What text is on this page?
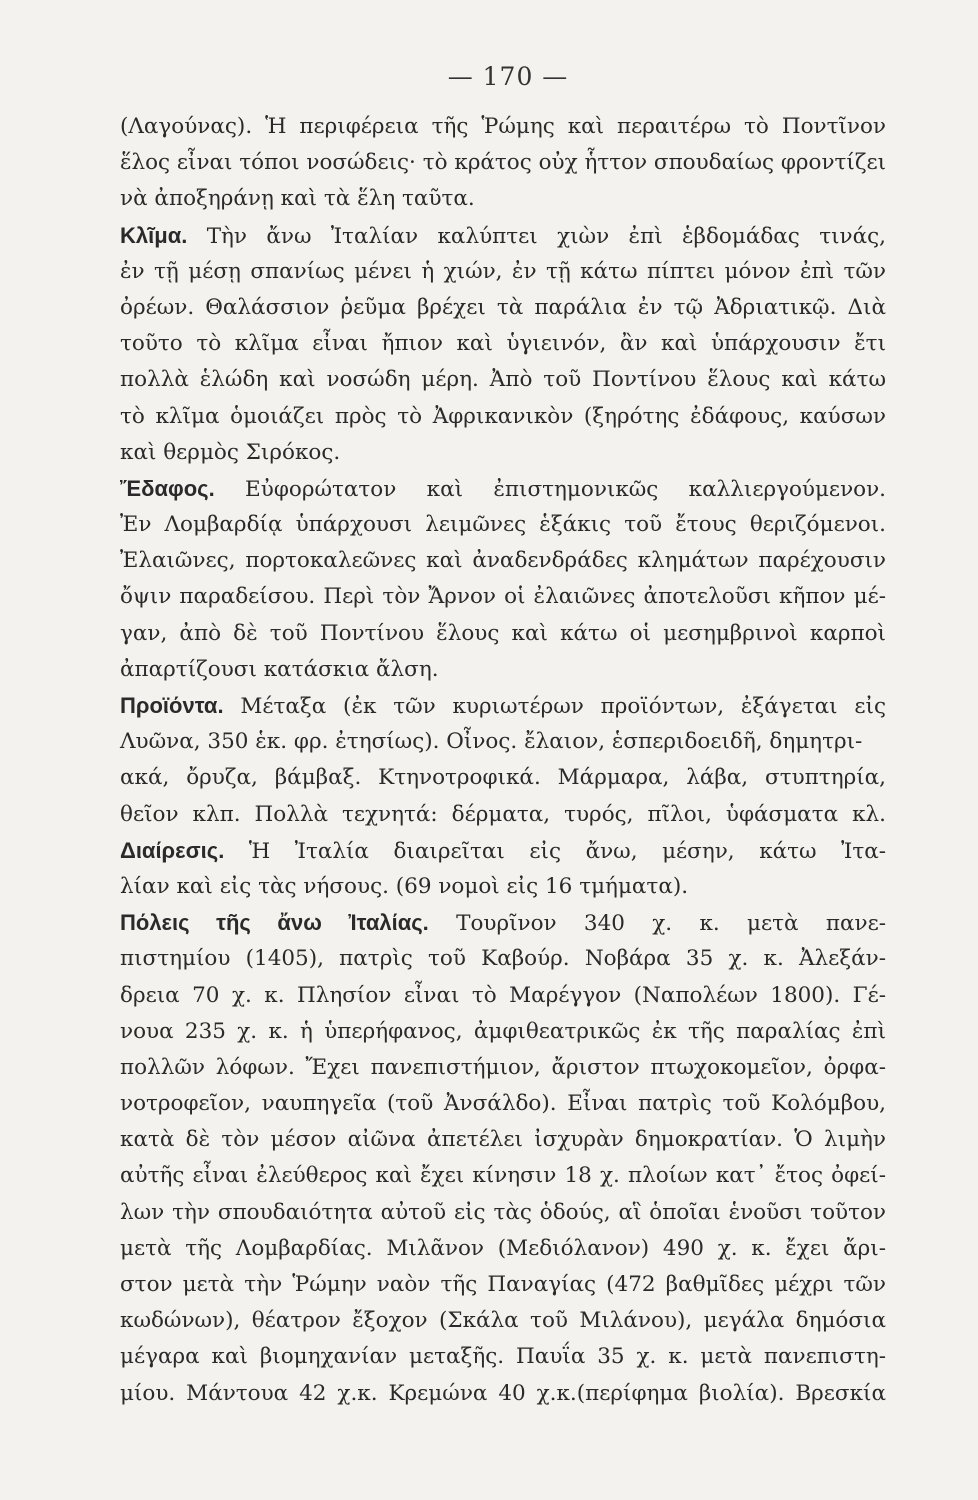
— 170 —
(Λαγούνας). Ἡ περιφέρεια τῆς Ῥώμης καὶ περαιτέρω τὸ Ποντῖνον
ἕλος εἶναι τόποι νοσώδεις· τὸ κράτος οὐχ ἧττον σπουδαίως φροντίζει
νὰ ἀποξηράνῃ καὶ τὰ ἕλη ταῦτα.
Κλῖμα. Τὴν ἄνω Ἰταλίαν καλύπτει χιὼν ἐπὶ ἑβδομάδας τινάς,
ἐν τῇ μέσῃ σπανίως μένει ἡ χιών, ἐν τῇ κάτω πίπτει μόνον ἐπὶ τῶν
ὀρέων. Θαλάσσιον ῥεῦμα βρέχει τὰ παράλια ἐν τῷ Ἀδριατικῷ. Διὰ
τοῦτο τὸ κλῖμα εἶναι ἤπιον καὶ ὑγιεινόν, ἂν καὶ ὑπάρχουσιν ἔτι
πολλὰ ἑλώδη καὶ νοσώδη μέρη. Ἀπὸ τοῦ Ποντίνου ἕλους καὶ κάτω
τὸ κλῖμα ὁμοιάζει πρὸς τὸ Ἀφρικανικὸν (ξηρότης ἐδάφους, καύσων
καὶ θερμὸς Σιρόκος.
Ἔδαφος. Εὐφορώτατον καὶ ἐπιστημονικῶς καλλιεργούμενον.
Ἐν Λομβαρδίᾳ ὑπάρχουσι λειμῶνες ἑξάκις τοῦ ἔτους θεριζόμενοι.
Ἐλαιῶνες, πορτοκαλεῶνες καὶ ἀναδενδράδες κλημάτων παρέχουσιν
ὄψιν παραδείσου. Περὶ τὸν Ἄρνον οἱ ἐλαιῶνες ἀποτελοῦσι κῆπον μέ-
γαν, ἀπὸ δὲ τοῦ Ποντίνου ἕλους καὶ κάτω οἱ μεσημβρινοὶ καρποὶ
ἀπαρτίζουσι κατάσκια ἄλση.
Προϊόντα. Μέταξα (ἐκ τῶν κυριωτέρων προϊόντων, ἐξάγεται εἰς
Λυῶνα, 350 ἑκ. φρ. ἐτησίως). Οἶνος. ἔλαιον, ἑσπεριδοειδῆ, δημητρι-
ακά, ὄρυζα, βάμβαξ. Κτηνοτροφικά. Μάρμαρα, λάβα, στυπτηρία,
θεῖον κλπ. Πολλὰ τεχνητά: δέρματα, τυρός, πῖλοι, ὑφάσματα κλ.
Διαίρεσις. Ἡ Ἰταλία διαιρεῖται εἰς ἄνω, μέσην, κάτω Ἰτα-
λίαν καὶ εἰς τὰς νήσους. (69 νομοὶ εἰς 16 τμήματα).
Πόλεις τῆς ἄνω Ἰταλίας. Τουρῖνον 340 χ. κ. μετὰ πανε-
πιστημίου (1405), πατρὶς τοῦ Καβούρ. Νοβάρα 35 χ. κ. Ἀλεξάν-
δρεια 70 χ. κ. Πλησίον εἶναι τὸ Μαρέγγον (Ναπολέων 1800). Γέ-
νουα 235 χ. κ. ἡ ὑπερήφανος, ἀμφιθεατρικῶς ἐκ τῆς παραλίας ἐπὶ
πολλῶν λόφων. Ἔχει πανεπιστήμιον, ἄριστον πτωχοκομεῖον, ὀρφα-
νοτροφεῖον, ναυπηγεῖα (τοῦ Ἀνσάλδο). Εἶναι πατρὶς τοῦ Κολόμβου,
κατὰ δὲ τὸν μέσον αἰῶνα ἀπετέλει ἰσχυρὰν δημοκρατίαν. Ὁ λιμὴν
αὐτῆς εἶναι ἐλεύθερος καὶ ἔχει κίνησιν 18 χ. πλοίων κατ᾽ ἔτος ὀφεί-
λων τὴν σπουδαιότητα αὐτοῦ εἰς τὰς ὁδούς, αἳ ὁποῖαι ἑνοῦσι τοῦτον
μετὰ τῆς Λομβαρδίας. Μιλᾶνον (Μεδιόλανον) 490 χ. κ. ἔχει ἄρι-
στον μετὰ τὴν Ῥώμην ναὸν τῆς Παναγίας (472 βαθμῖδες μέχρι τῶν
κωδώνων), θέατρον ἔξοχον (Σκάλα τοῦ Μιλάνου), μεγάλα δημόσια
μέγαρα καὶ βιομηχανίαν μεταξῆς. Παυΐα 35 χ. κ. μετὰ πανεπιστη-
μίου. Μάντουα 42 χ.κ. Κρεμώνα 40 χ.κ.(περίφημα βιολία). Βρεσκία
